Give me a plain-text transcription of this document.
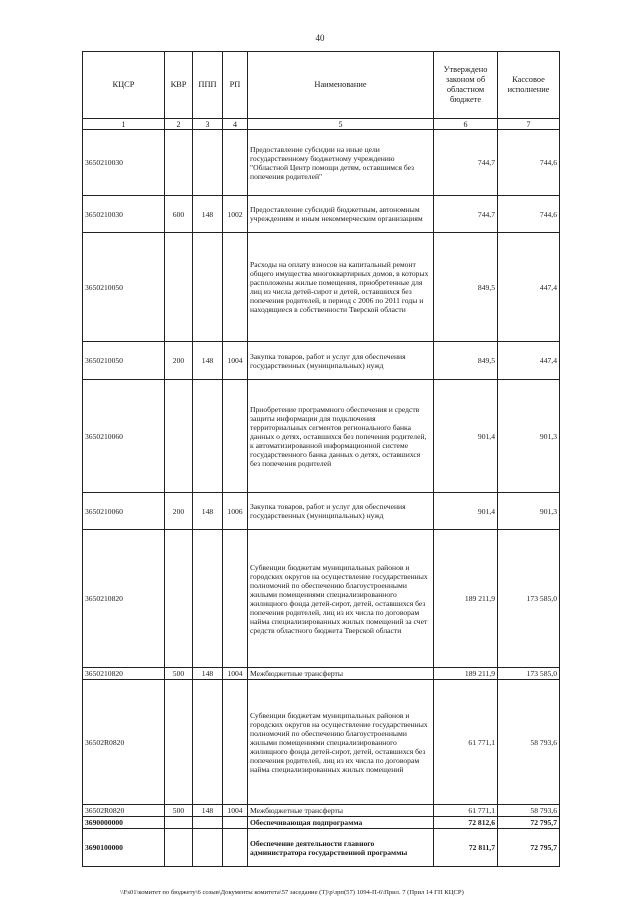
40
КЦСР	КВР	ППП	РП	Наименование	Утверждено законом об областном бюджете	Кассовое исполнение
1	2	3	4	5	6	7
3650210030				Предоставление субсидии на иные цели государственному бюджетному учреждению "Областной Центр помощи детям, оставшимся без попечения родителей"	744,7	744,6
3650210030	600	148	1002	Предоставление субсидий бюджетным, автономным учреждениям и иным некоммерческим организациям	744,7	744,6
3650210050				Расходы на оплату взносов на капитальный ремонт общего имущества многоквартирных домов, в которых расположены жилые помещения, приобретенные для лиц из числа детей-сирот и детей, оставшихся без попечения родителей, в период с 2006 по 2011 годы и находящиеся в собственности Тверской области	849,5	447,4
3650210050	200	148	1004	Закупка товаров, работ и услуг для обеспечения государственных (муниципальных) нужд	849,5	447,4
3650210060				Приобретение программного обеспечения и средств защиты информации для подключения территориальных сегментов регионального банка данных о детях, оставшихся без попечения родителей, к автоматизированной информационной системе государственного банка данных о детях, оставшихся без попечения родителей	901,4	901,3
3650210060	200	148	1006	Закупка товаров, работ и услуг для обеспечения государственных (муниципальных) нужд	901,4	901,3
3650210820				Субвенции бюджетам муниципальных районов и городских округов на осуществление государственных полномочий по обеспечению благоустроенными жилыми помещениями специализированного жилищного фонда детей-сирот, детей, оставшихся без попечения родителей, лиц из их числа по договорам найма специализированных жилых помещений за счет средств областного бюджета Тверской области	189 211,9	173 585,0
3650210820	500	148	1004	Межбюджетные трансферты	189 211,9	173 585,0
36502R0820				Субвенции бюджетам муниципальных районов и городских округов на осуществление государственных полномочий по обеспечению благоустроенными жилыми помещениями специализированного жилищного фонда детей-сирот, детей, оставшихся без попечения родителей, лиц из их числа по договорам найма специализированных жилых помещений	61 771,1	58 793,6
36502R0820	500	148	1004	Межбюджетные трансферты	61 771,1	58 793,6
3690000000				Обеспечивающая подпрограмма	72 812,6	72 795,7
3690100000				Обеспечение деятельности главного администратора государственной программы	72 811,7	72 795,7
\\Fs01\комитет по бюджету\6 созыв\Документы комитета\57 заседание (Т)\р\зрп(57) 1094-П-6\Прил. 7 (Прил 14 ГП КЦСР)
